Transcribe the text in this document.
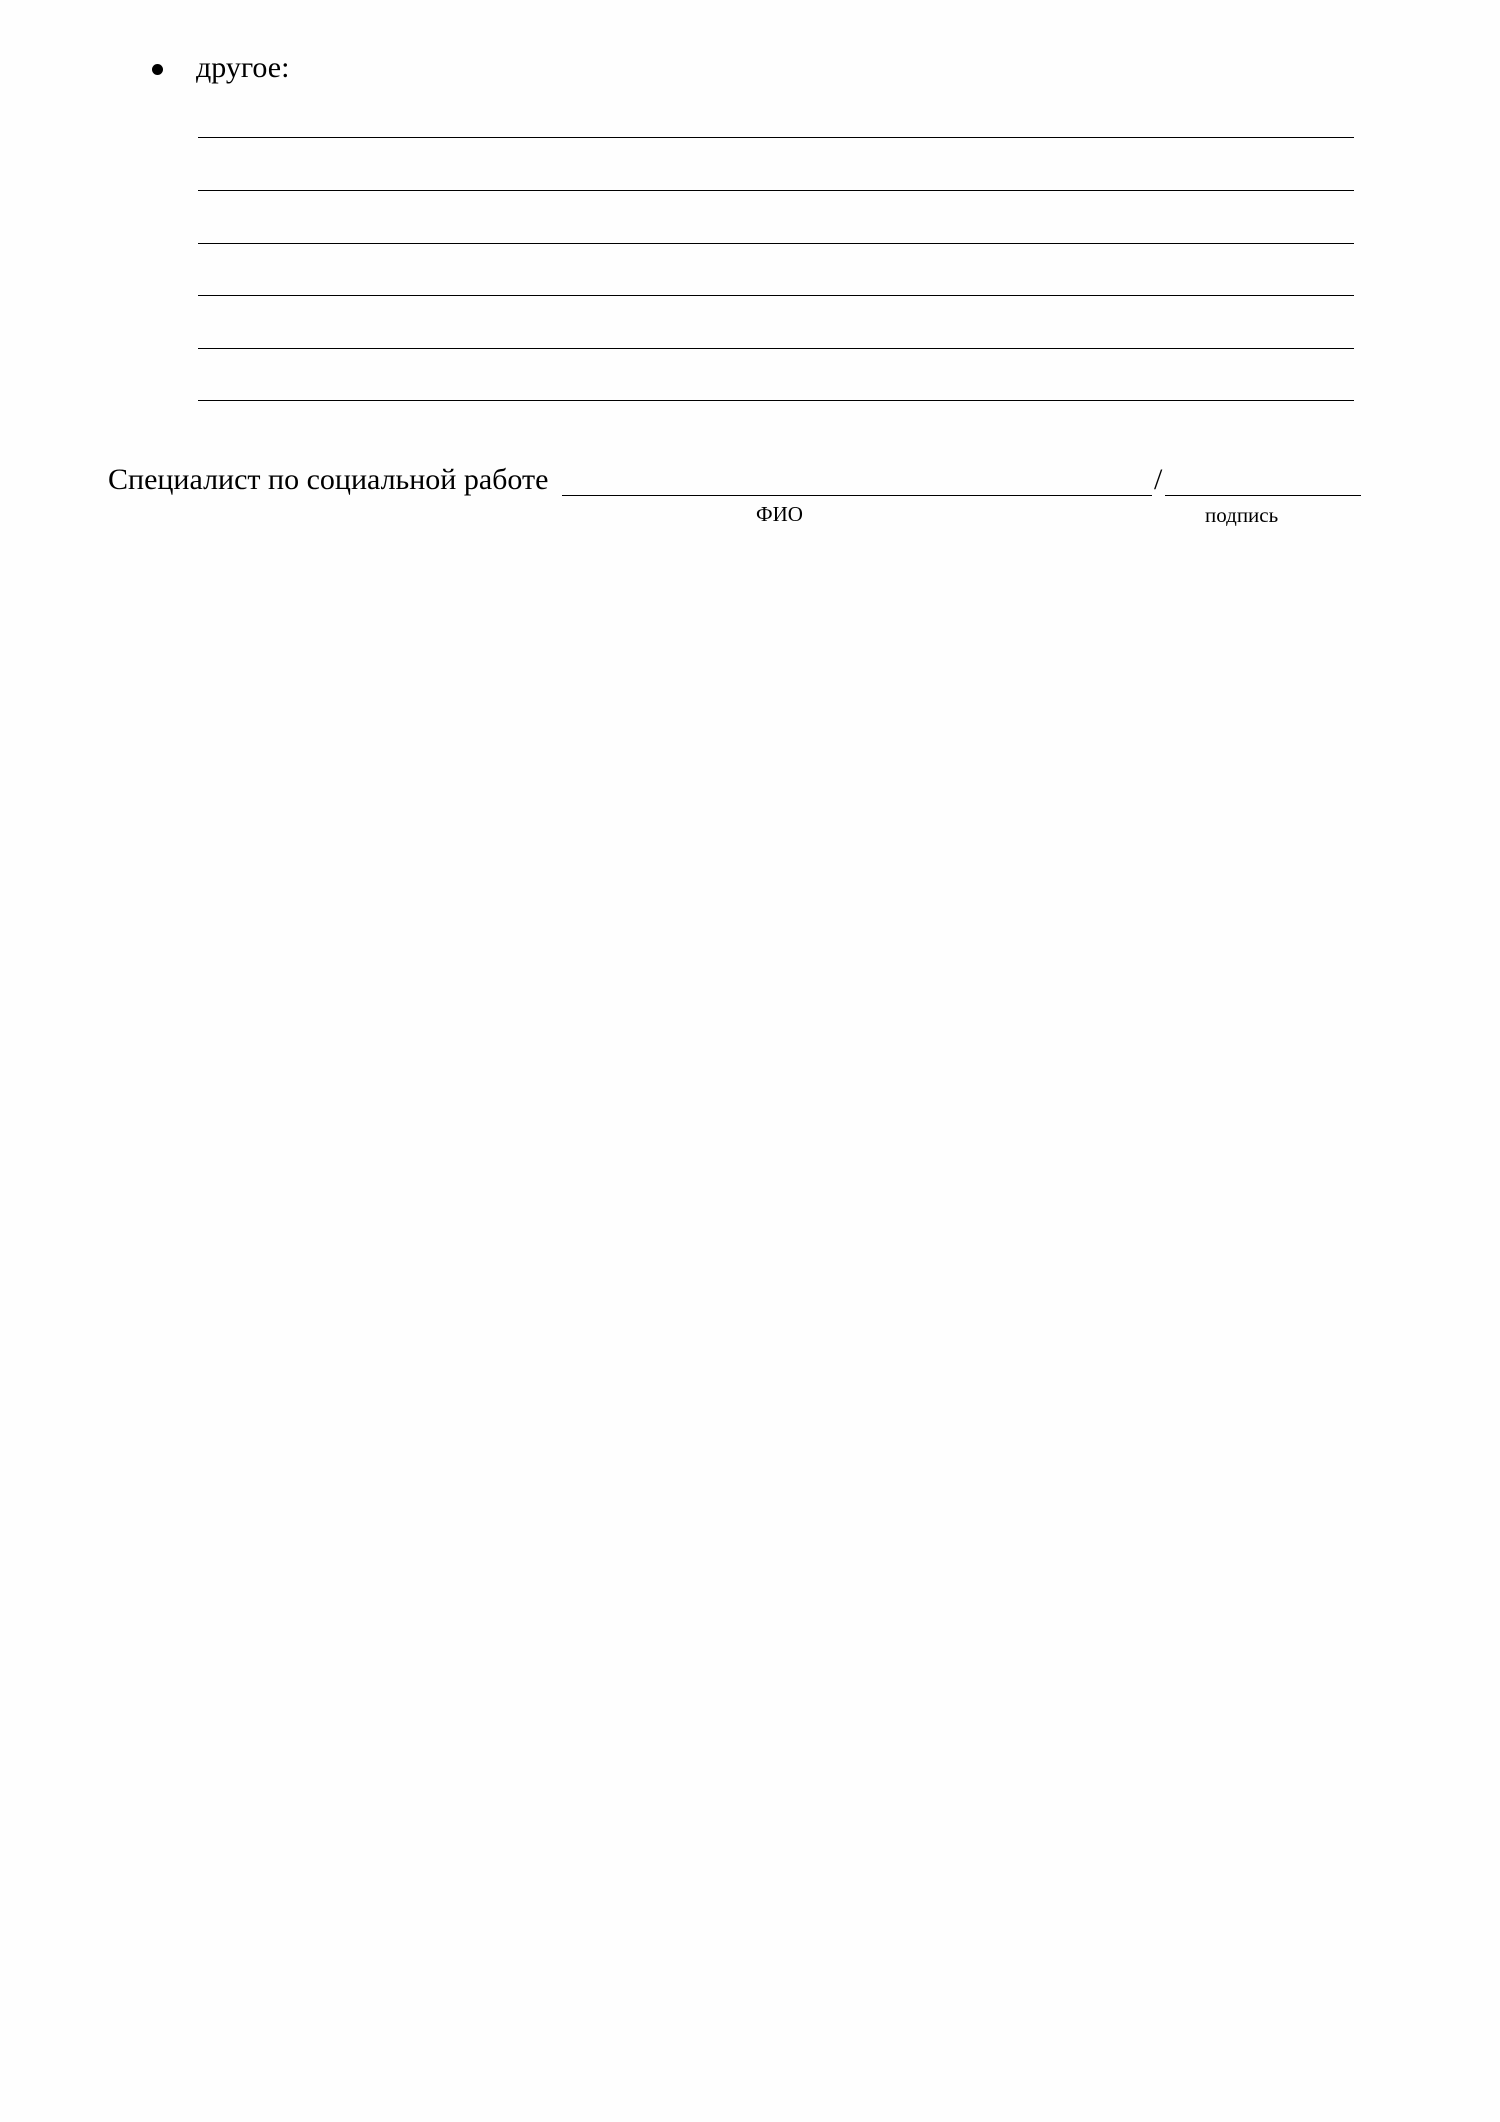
другое:
Специалист по социальной работе	/
ФИО	подпись
